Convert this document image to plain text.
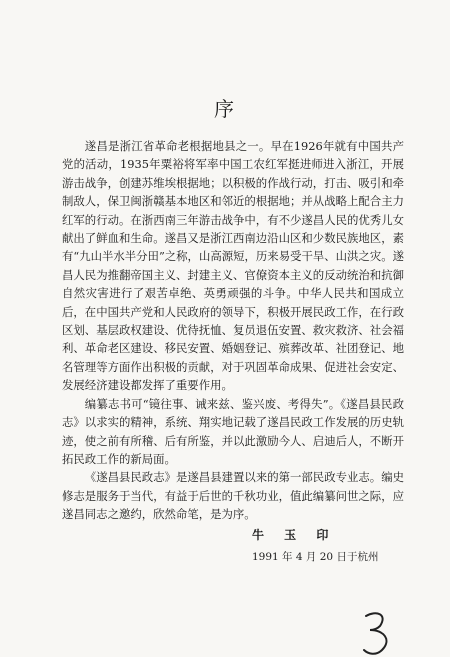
序

遂昌是浙江省革命老根据地县之一。早在1926年就有中国共产党的活动，1935年粟裕将军率中国工农红军挺进师进入浙江，开展游击战争，创建苏维埃根据地；以积极的作战行动，打击、吸引和牵制敌人，保卫闽浙赣基本地区和邻近的根据地；并从战略上配合主力红军的行动。在浙西南三年游击战争中，有不少遂昌人民的优秀儿女献出了鲜血和生命。遂昌又是浙江西南边沿山区和少数民族地区，素有“九山半水半分田”之称，山高源短，历来易受干旱、山洪之灾。遂昌人民为推翻帝国主义、封建主义、官僚资本主义的反动统治和抗御自然灾害进行了艰苦卓绝、英勇顽强的斗争。中华人民共和国成立后，在中国共产党和人民政府的领导下，积极开展民政工作，在行政区划、基层政权建设、优待抚恤、复员退伍安置、救灾救济、社会福利、革命老区建设、移民安置、婚姻登记、殡葬改革、社团登记、地名管理等方面作出积极的贡献，对于巩固革命成果、促进社会安定、发展经济建设都发挥了重要作用。

编纂志书可“镜往事、诫来兹、鉴兴废、考得失”。《遂昌县民政志》以求实的精神，系统、翔实地记载了遂昌民政工作发展的历史轨迹，使之前有所稽、后有所鉴，并以此激励今人、启迪后人，不断开拓民政工作的新局面。

《遂昌县民政志》是遂昌县建置以来的第一部民政专业志。编史修志是服务于当代，有益于后世的千秋功业，值此编纂问世之际，应遂昌同志之邀约，欣然命笔，是为序。

牛 玉 印
1991 年 4 月 20 日于杭州
